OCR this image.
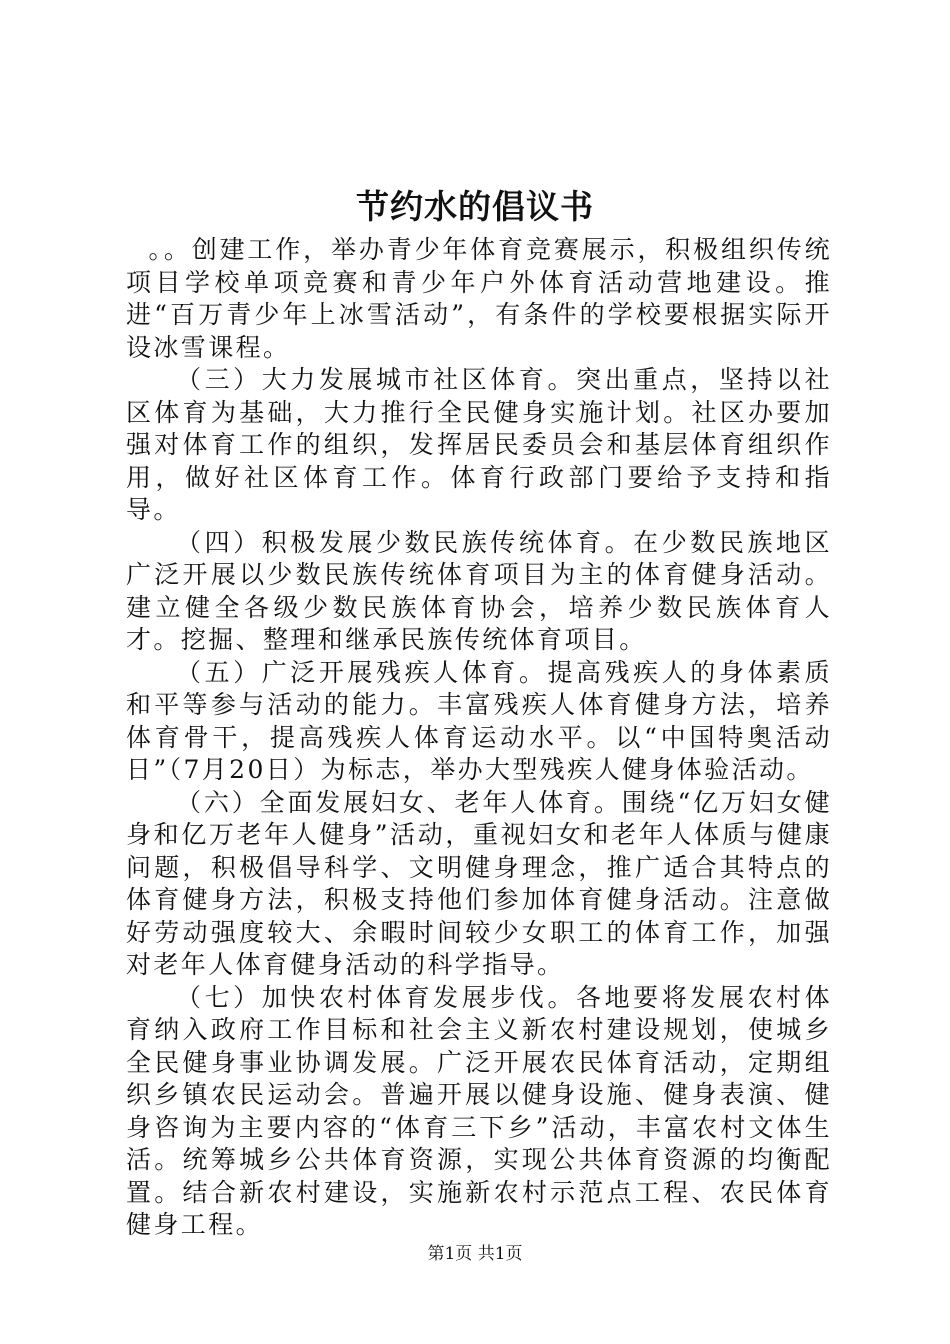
节约水的倡议书

。。创建工作，举办青少年体育竞赛展示，积极组织传统项目学校单项竞赛和青少年户外体育活动营地建设。推进“百万青少年上冰雪活动”，有条件的学校要根据实际开设冰雪课程。

（三）大力发展城市社区体育。突出重点，坚持以社区体育为基础，大力推行全民健身实施计划。社区办要加强对体育工作的组织，发挥居民委员会和基层体育组织作用，做好社区体育工作。体育行政部门要给予支持和指导。

（四）积极发展少数民族传统体育。在少数民族地区广泛开展以少数民族传统体育项目为主的体育健身活动。建立健全各级少数民族体育协会，培养少数民族体育人才。挖掘、整理和继承民族传统体育项目。

（五）广泛开展残疾人体育。提高残疾人的身体素质和平等参与活动的能力。丰富残疾人体育健身方法，培养体育骨干，提高残疾人体育运动水平。以“中国特奥活动日”（7月20日）为标志，举办大型残疾人健身体验活动。

（六）全面发展妇女、老年人体育。围绕“亿万妇女健身和亿万老年人健身”活动，重视妇女和老年人体质与健康问题，积极倡导科学、文明健身理念，推广适合其特点的体育健身方法，积极支持他们参加体育健身活动。注意做好劳动强度较大、余暇时间较少女职工的体育工作，加强对老年人体育健身活动的科学指导。

（七）加快农村体育发展步伐。各地要将发展农村体育纳入政府工作目标和社会主义新农村建设规划，使城乡全民健身事业协调发展。广泛开展农民体育活动，定期组织乡镇农民运动会。普遍开展以健身设施、健身表演、健身咨询为主要内容的“体育三下乡”活动，丰富农村文体生活。统筹城乡公共体育资源，实现公共体育资源的均衡配置。结合新农村建设，实施新农村示范点工程、农民体育健身工程。

第1页 共1页
